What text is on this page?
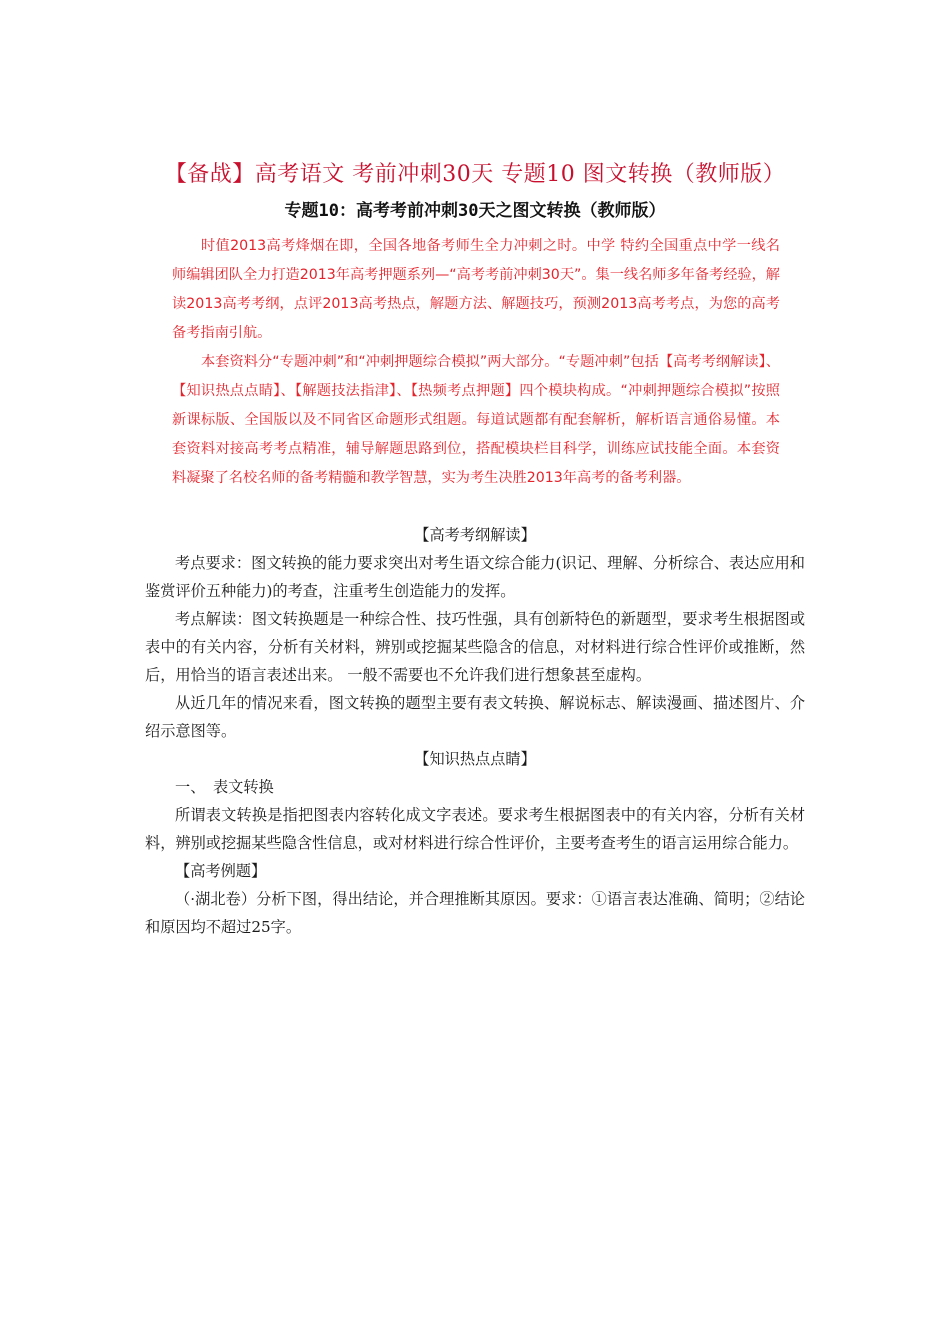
【备战】高考语文 考前冲刺30天 专题10 图文转换（教师版）
专题10：高考考前冲刺30天之图文转换（教师版）

时值2013高考烽烟在即，全国各地备考师生全力冲刺之时。中学 特约全国重点中学一线名师编辑团队全力打造2013年高考押题系列—“高考考前冲刺30天”。集一线名师多年备考经验，解读2013高考考纲，点评2013高考热点，解题方法、解题技巧，预测2013高考考点，为您的高考备考指南引航。

本套资料分“专题冲刺”和“冲刺押题综合模拟”两大部分。“专题冲刺”包括【高考考纲解读】、【知识热点点睛】、【解题技法指津】、【热频考点押题】四个模块构成。“冲刺押题综合模拟”按照新课标版、全国版以及不同省区命题形式组题。每道试题都有配套解析，解析语言通俗易懂。本套资料对接高考考点精准，辅导解题思路到位，搭配模块栏目科学，训练应试技能全面。本套资料凝聚了名校名师的备考精髓和教学智慧，实为考生决胜2013年高考的备考利器。

【高考考纲解读】

考点要求：图文转换的能力要求突出对考生语文综合能力(识记、理解、分析综合、表达应用和鉴赏评价五种能力)的考查，注重考生创造能力的发挥。

考点解读：图文转换题是一种综合性、技巧性强，具有创新特色的新题型，要求考生根据图或表中的有关内容，分析有关材料，辨别或挖掘某些隐含的信息，对材料进行综合性评价或推断，然后，用恰当的语言表述出来。 一般不需要也不允许我们进行想象甚至虚构。

从近几年的情况来看，图文转换的题型主要有表文转换、解说标志、解读漫画、描述图片、介绍示意图等。

【知识热点点睛】

一、　表文转换

所谓表文转换是指把图表内容转化成文字表述。要求考生根据图表中的有关内容，分析有关材料，辨别或挖掘某些隐含性信息，或对材料进行综合性评价，主要考查考生的语言运用综合能力。

【高考例题】

（·湖北卷）分析下图，得出结论，并合理推断其原因。要求：①语言表达准确、简明；②结论和原因均不超过25字。
